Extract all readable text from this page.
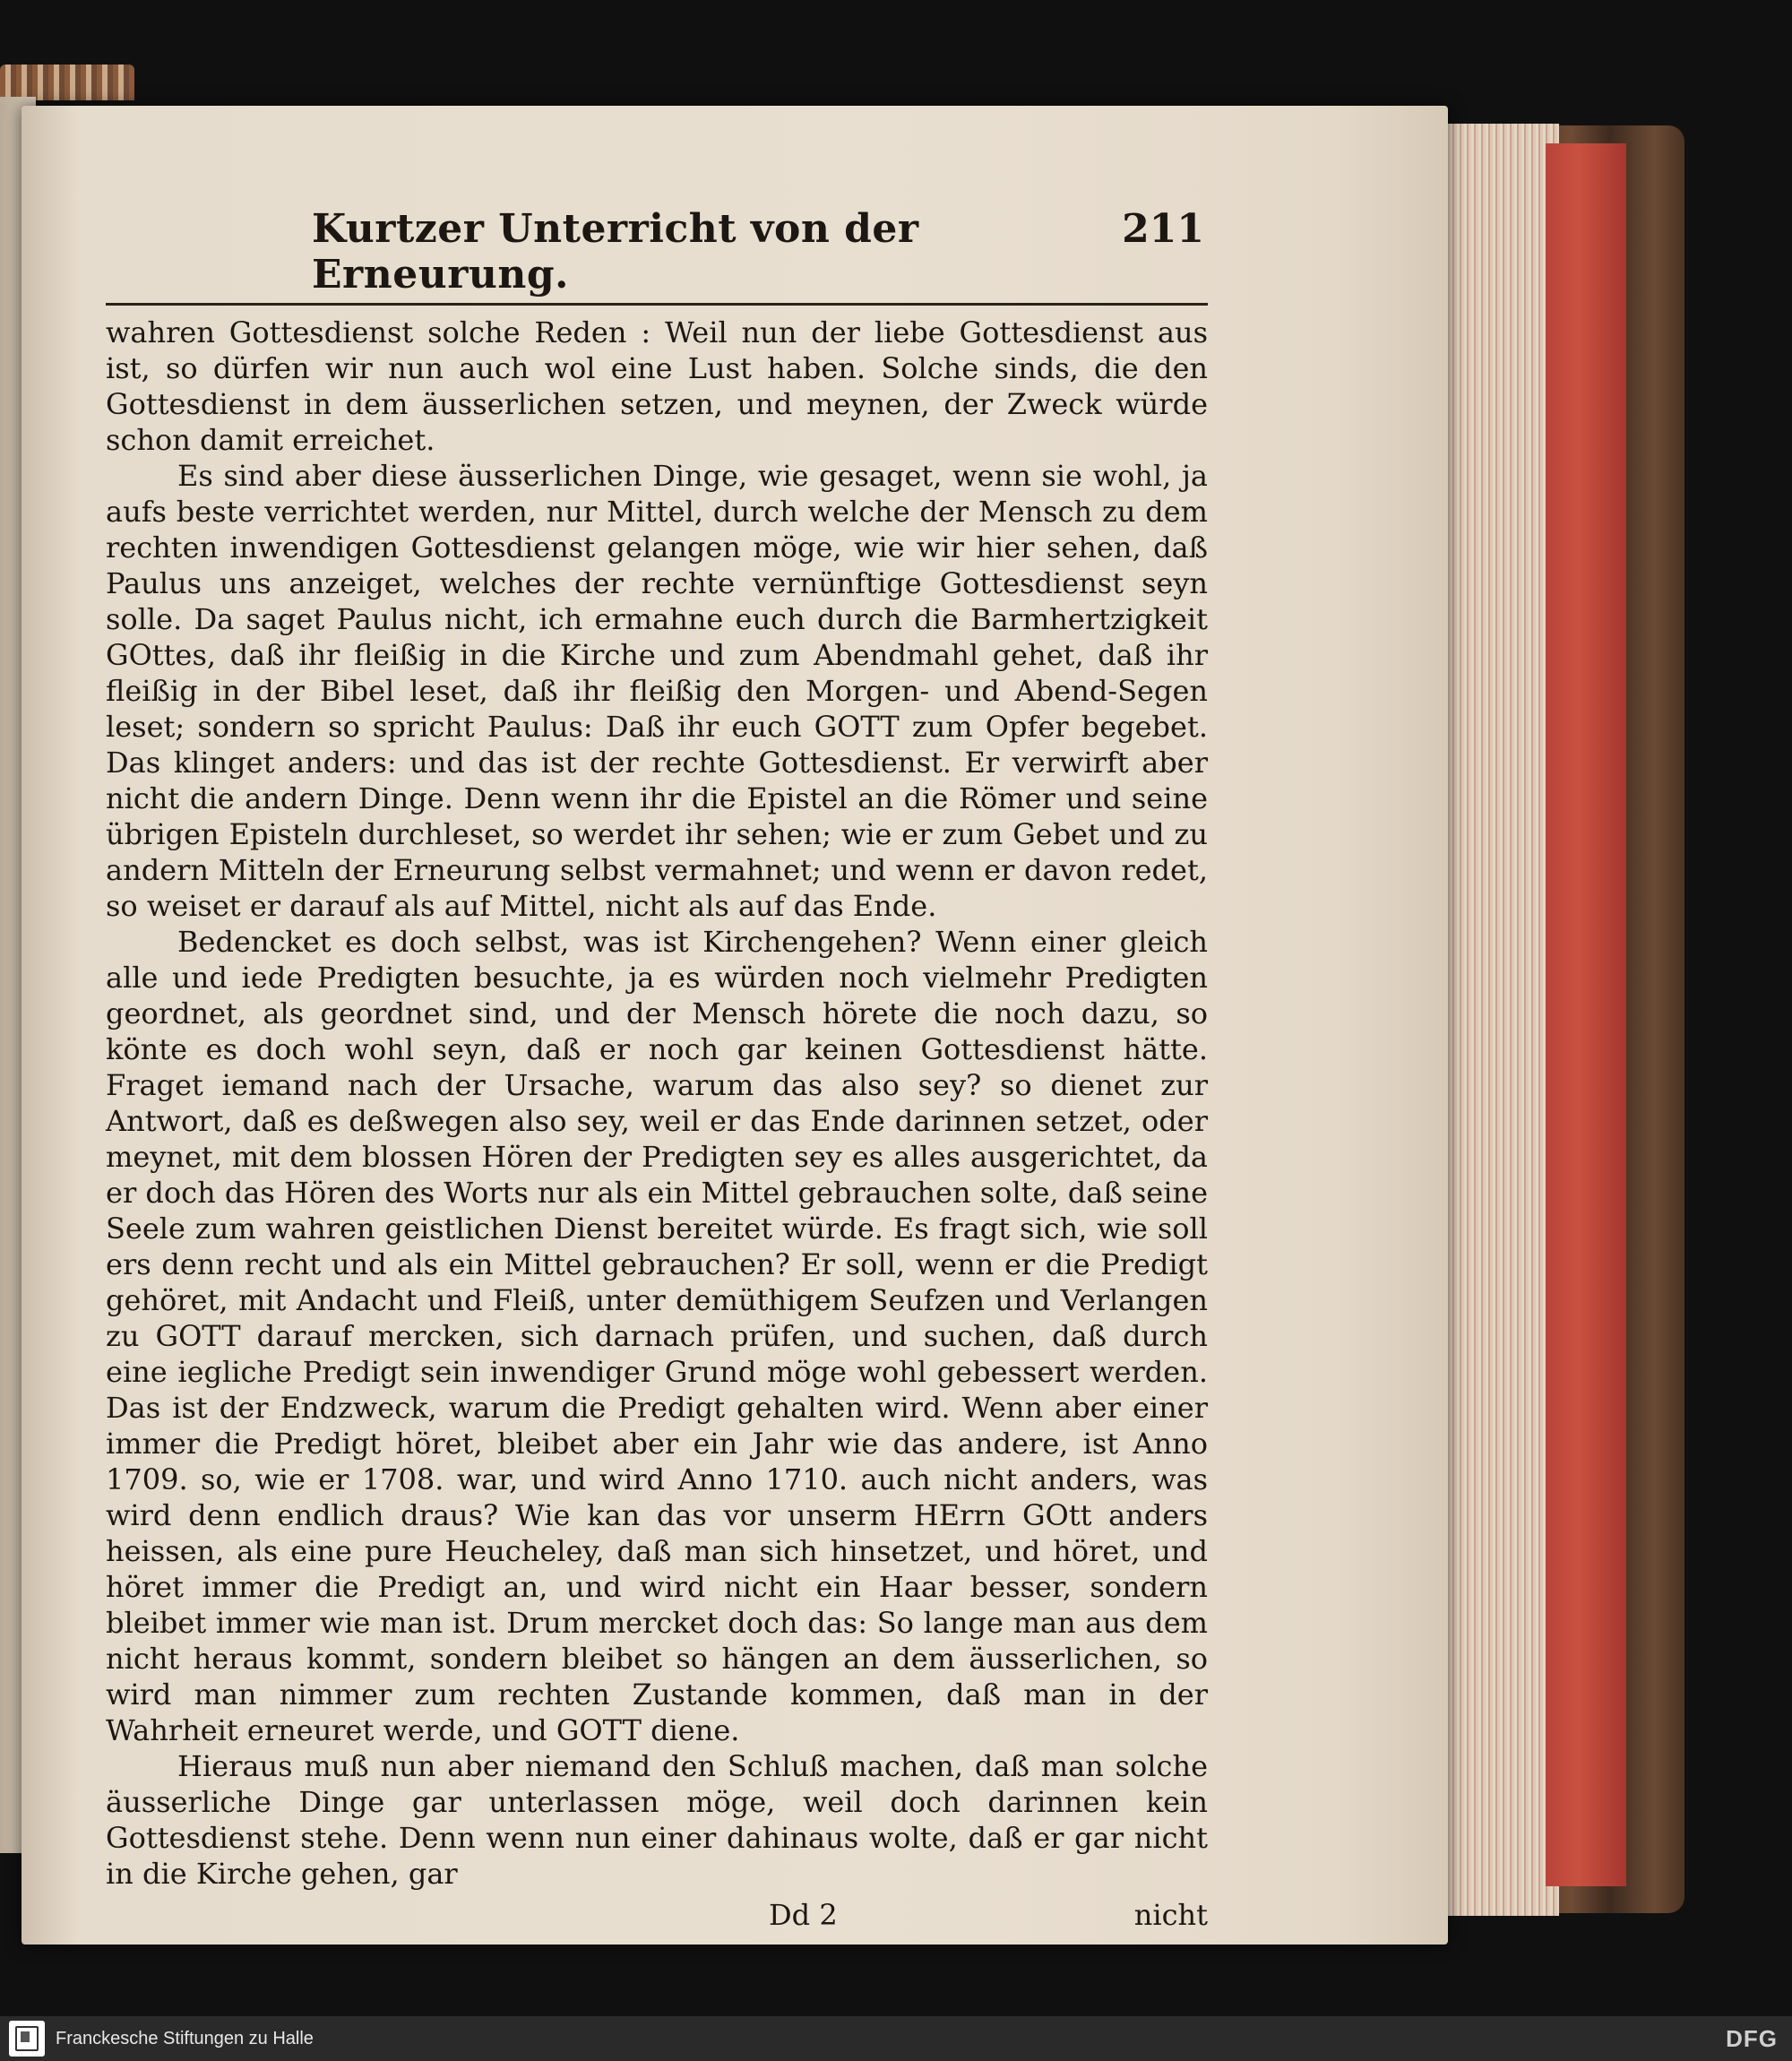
Kurtzer Unterricht von der Erneurung.
211

wahren Gottesdienst solche Reden : Weil nun der liebe Gottesdienst aus ist, so dürfen wir nun auch wol eine Lust haben. Solche sinds, die den Gottesdienst in dem äusserlichen setzen, und meynen, der Zweck würde schon damit erreichet.

Es sind aber diese äusserlichen Dinge, wie gesaget, wenn sie wohl, ja aufs beste verrichtet werden, nur Mittel, durch welche der Mensch zu dem rechten inwendigen Gottesdienst gelangen möge, wie wir hier sehen, daß Paulus uns anzeiget, welches der rechte vernünftige Gottesdienst seyn solle. Da saget Paulus nicht, ich ermahne euch durch die Barmhertzigkeit GOttes, daß ihr fleißig in die Kirche und zum Abendmahl gehet, daß ihr fleißig in der Bibel leset, daß ihr fleißig den Morgen- und Abend-Segen leset; sondern so spricht Paulus: Daß ihr euch GOTT zum Opfer begebet. Das klinget anders: und das ist der rechte Gottesdienst. Er verwirft aber nicht die andern Dinge. Denn wenn ihr die Epistel an die Römer und seine übrigen Episteln durchleset, so werdet ihr sehen; wie er zum Gebet und zu andern Mitteln der Erneurung selbst vermahnet; und wenn er davon redet, so weiset er darauf als auf Mittel, nicht als auf das Ende.

Bedencket es doch selbst, was ist Kirchengehen? Wenn einer gleich alle und iede Predigten besuchte, ja es würden noch vielmehr Predigten geordnet, als geordnet sind, und der Mensch hörete die noch dazu, so könte es doch wohl seyn, daß er noch gar keinen Gottesdienst hätte. Fraget iemand nach der Ursache, warum das also sey? so dienet zur Antwort, daß es deßwegen also sey, weil er das Ende darinnen setzet, oder meynet, mit dem blossen Hören der Predigten sey es alles ausgerichtet, da er doch das Hören des Worts nur als ein Mittel gebrauchen solte, daß seine Seele zum wahren geistlichen Dienst bereitet würde. Es fragt sich, wie soll ers denn recht und als ein Mittel gebrauchen? Er soll, wenn er die Predigt gehöret, mit Andacht und Fleiß, unter demüthigem Seufzen und Verlangen zu GOTT darauf mercken, sich darnach prüfen, und suchen, daß durch eine iegliche Predigt sein inwendiger Grund möge wohl gebessert werden. Das ist der Endzweck, warum die Predigt gehalten wird. Wenn aber einer immer die Predigt höret, bleibet aber ein Jahr wie das andere, ist Anno 1709. so, wie er 1708. war, und wird Anno 1710. auch nicht anders, was wird denn endlich draus? Wie kan das vor unserm HErrn GOtt anders heissen, als eine pure Heucheley, daß man sich hinsetzet, und höret, und höret immer die Predigt an, und wird nicht ein Haar besser, sondern bleibet immer wie man ist. Drum mercket doch das: So lange man aus dem nicht heraus kommt, sondern bleibet so hängen an dem äusserlichen, so wird man nimmer zum rechten Zustande kommen, daß man in der Wahrheit erneuret werde, und GOTT diene.

Hieraus muß nun aber niemand den Schluß machen, daß man solche äusserliche Dinge gar unterlassen möge, weil doch darinnen kein Gottesdienst stehe. Denn wenn nun einer dahinaus wolte, daß er gar nicht in die Kirche gehen, gar

Dd 2	nicht
Franckesche Stiftungen zu Halle	DFG
